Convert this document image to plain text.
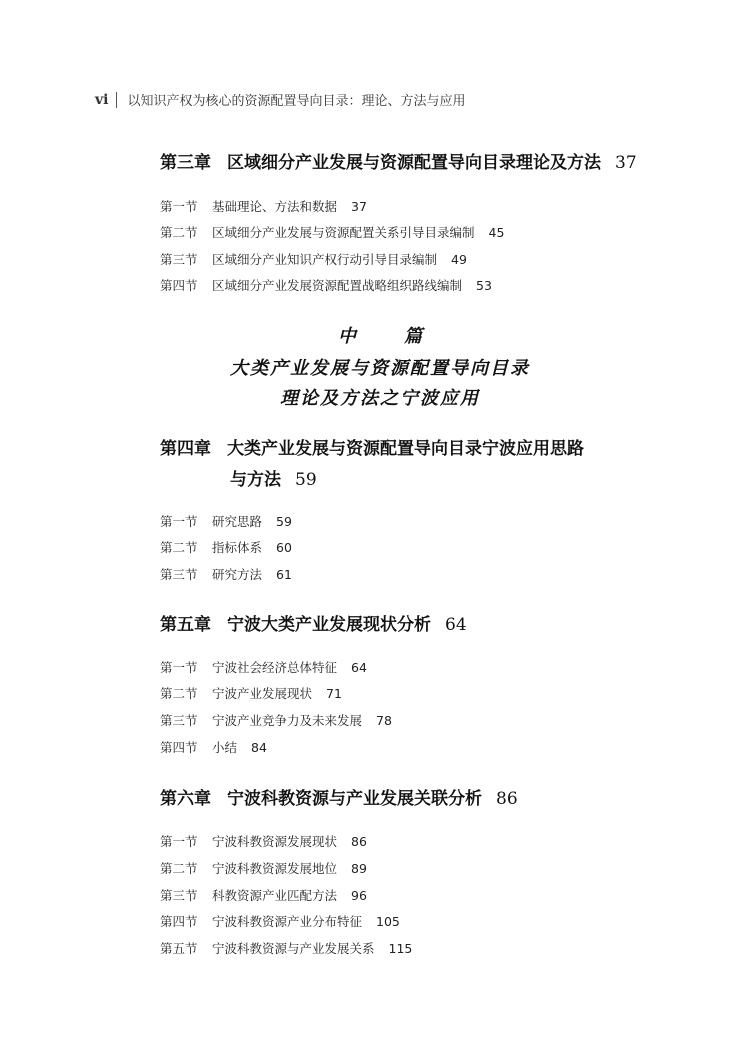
vi 以知识产权为核心的资源配置导向目录：理论、方法与应用
第三章 区域细分产业发展与资源配置导向目录理论及方法 37
第一节 基础理论、方法和数据 37
第二节 区域细分产业发展与资源配置关系引导目录编制 45
第三节 区域细分产业知识产权行动引导目录编制 49
第四节 区域细分产业发展资源配置战略组织路线编制 53
中篇
大类产业发展与资源配置导向目录
理论及方法之宁波应用
第四章 大类产业发展与资源配置导向目录宁波应用思路
与方法 59
第一节 研究思路 59
第二节 指标体系 60
第三节 研究方法 61
第五章 宁波大类产业发展现状分析 64
第一节 宁波社会经济总体特征 64
第二节 宁波产业发展现状 71
第三节 宁波产业竞争力及未来发展 78
第四节 小结 84
第六章 宁波科教资源与产业发展关联分析 86
第一节 宁波科教资源发展现状 86
第二节 宁波科教资源发展地位 89
第三节 科教资源产业匹配方法 96
第四节 宁波科教资源产业分布特征 105
第五节 宁波科教资源与产业发展关系 115
